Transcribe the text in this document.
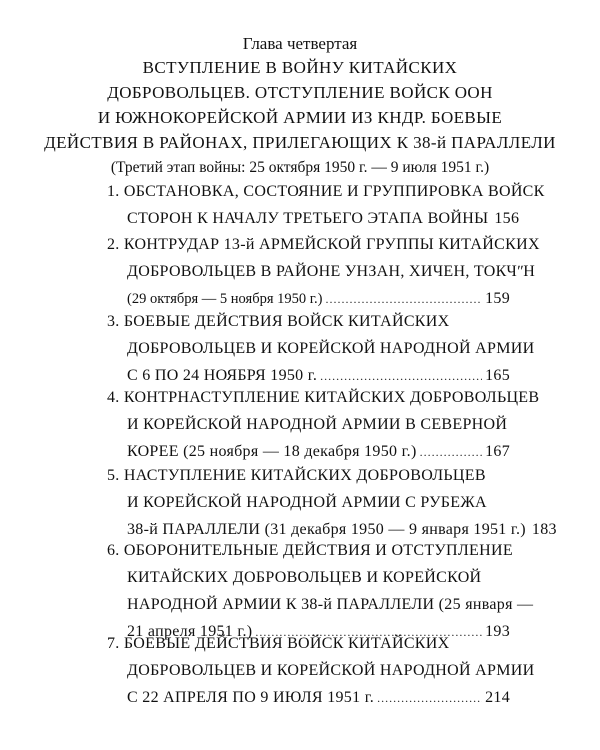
Глава четвертая
ВСТУПЛЕНИЕ В ВОЙНУ КИТАЙСКИХ
ДОБРОВОЛЬЦЕВ. ОТСТУПЛЕНИЕ ВОЙСК ООН
И ЮЖНОКОРЕЙСКОЙ АРМИИ ИЗ КНДР. БОЕВЫЕ
ДЕЙСТВИЯ В РАЙОНАХ, ПРИЛЕГАЮЩИХ К 38-й ПАРАЛЛЕЛИ
(Третий этап войны: 25 октября 1950 г. — 9 июля 1951 г.)
1. ОБСТАНОВКА, СОСТОЯНИЕ И ГРУППИРОВКА ВОЙСК
СТОРОН К НАЧАЛУ ТРЕТЬЕГО ЭТАПА ВОЙНЫ 156
2. КОНТРУДАР 13-й АРМЕЙСКОЙ ГРУППЫ КИТАЙСКИХ
ДОБРОВОЛЬЦЕВ В РАЙОНЕ УНЗАН, ХИЧЕН, ТОКЧʺН
(29 октября — 5 ноября 1950 г.) .....	159
3. БОЕВЫЕ ДЕЙСТВИЯ ВОЙСК КИТАЙСКИХ
ДОБРОВОЛЬЦЕВ И КОРЕЙСКОЙ НАРОДНОЙ АРМИИ
С 6 ПО 24 НОЯБРЯ 1950 г. .....	165
4. КОНТРНАСТУПЛЕНИЕ КИТАЙСКИХ ДОБРОВОЛЬЦЕВ
И КОРЕЙСКОЙ НАРОДНОЙ АРМИИ В СЕВЕРНОЙ
КОРЕЕ (25 ноября — 18 декабря 1950 г.) .....	167
5. НАСТУПЛЕНИЕ КИТАЙСКИХ ДОБРОВОЛЬЦЕВ
И КОРЕЙСКОЙ НАРОДНОЙ АРМИИ С РУБЕЖА
38-й ПАРАЛЛЕЛИ (31 декабря 1950 — 9 января 1951 г.) 183
6. ОБОРОНИТЕЛЬНЫЕ ДЕЙСТВИЯ И ОТСТУПЛЕНИЕ
КИТАЙСКИХ ДОБРОВОЛЬЦЕВ И КОРЕЙСКОЙ
НАРОДНОЙ АРМИИ К 38-й ПАРАЛЛЕЛИ (25 января —
21 апреля 1951 г.) .....	193
7. БОЕВЫЕ ДЕЙСТВИЯ ВОЙСК КИТАЙСКИХ
ДОБРОВОЛЬЦЕВ И КОРЕЙСКОЙ НАРОДНОЙ АРМИИ
С 22 АПРЕЛЯ ПО 9 ИЮЛЯ 1951 г. .....	214
